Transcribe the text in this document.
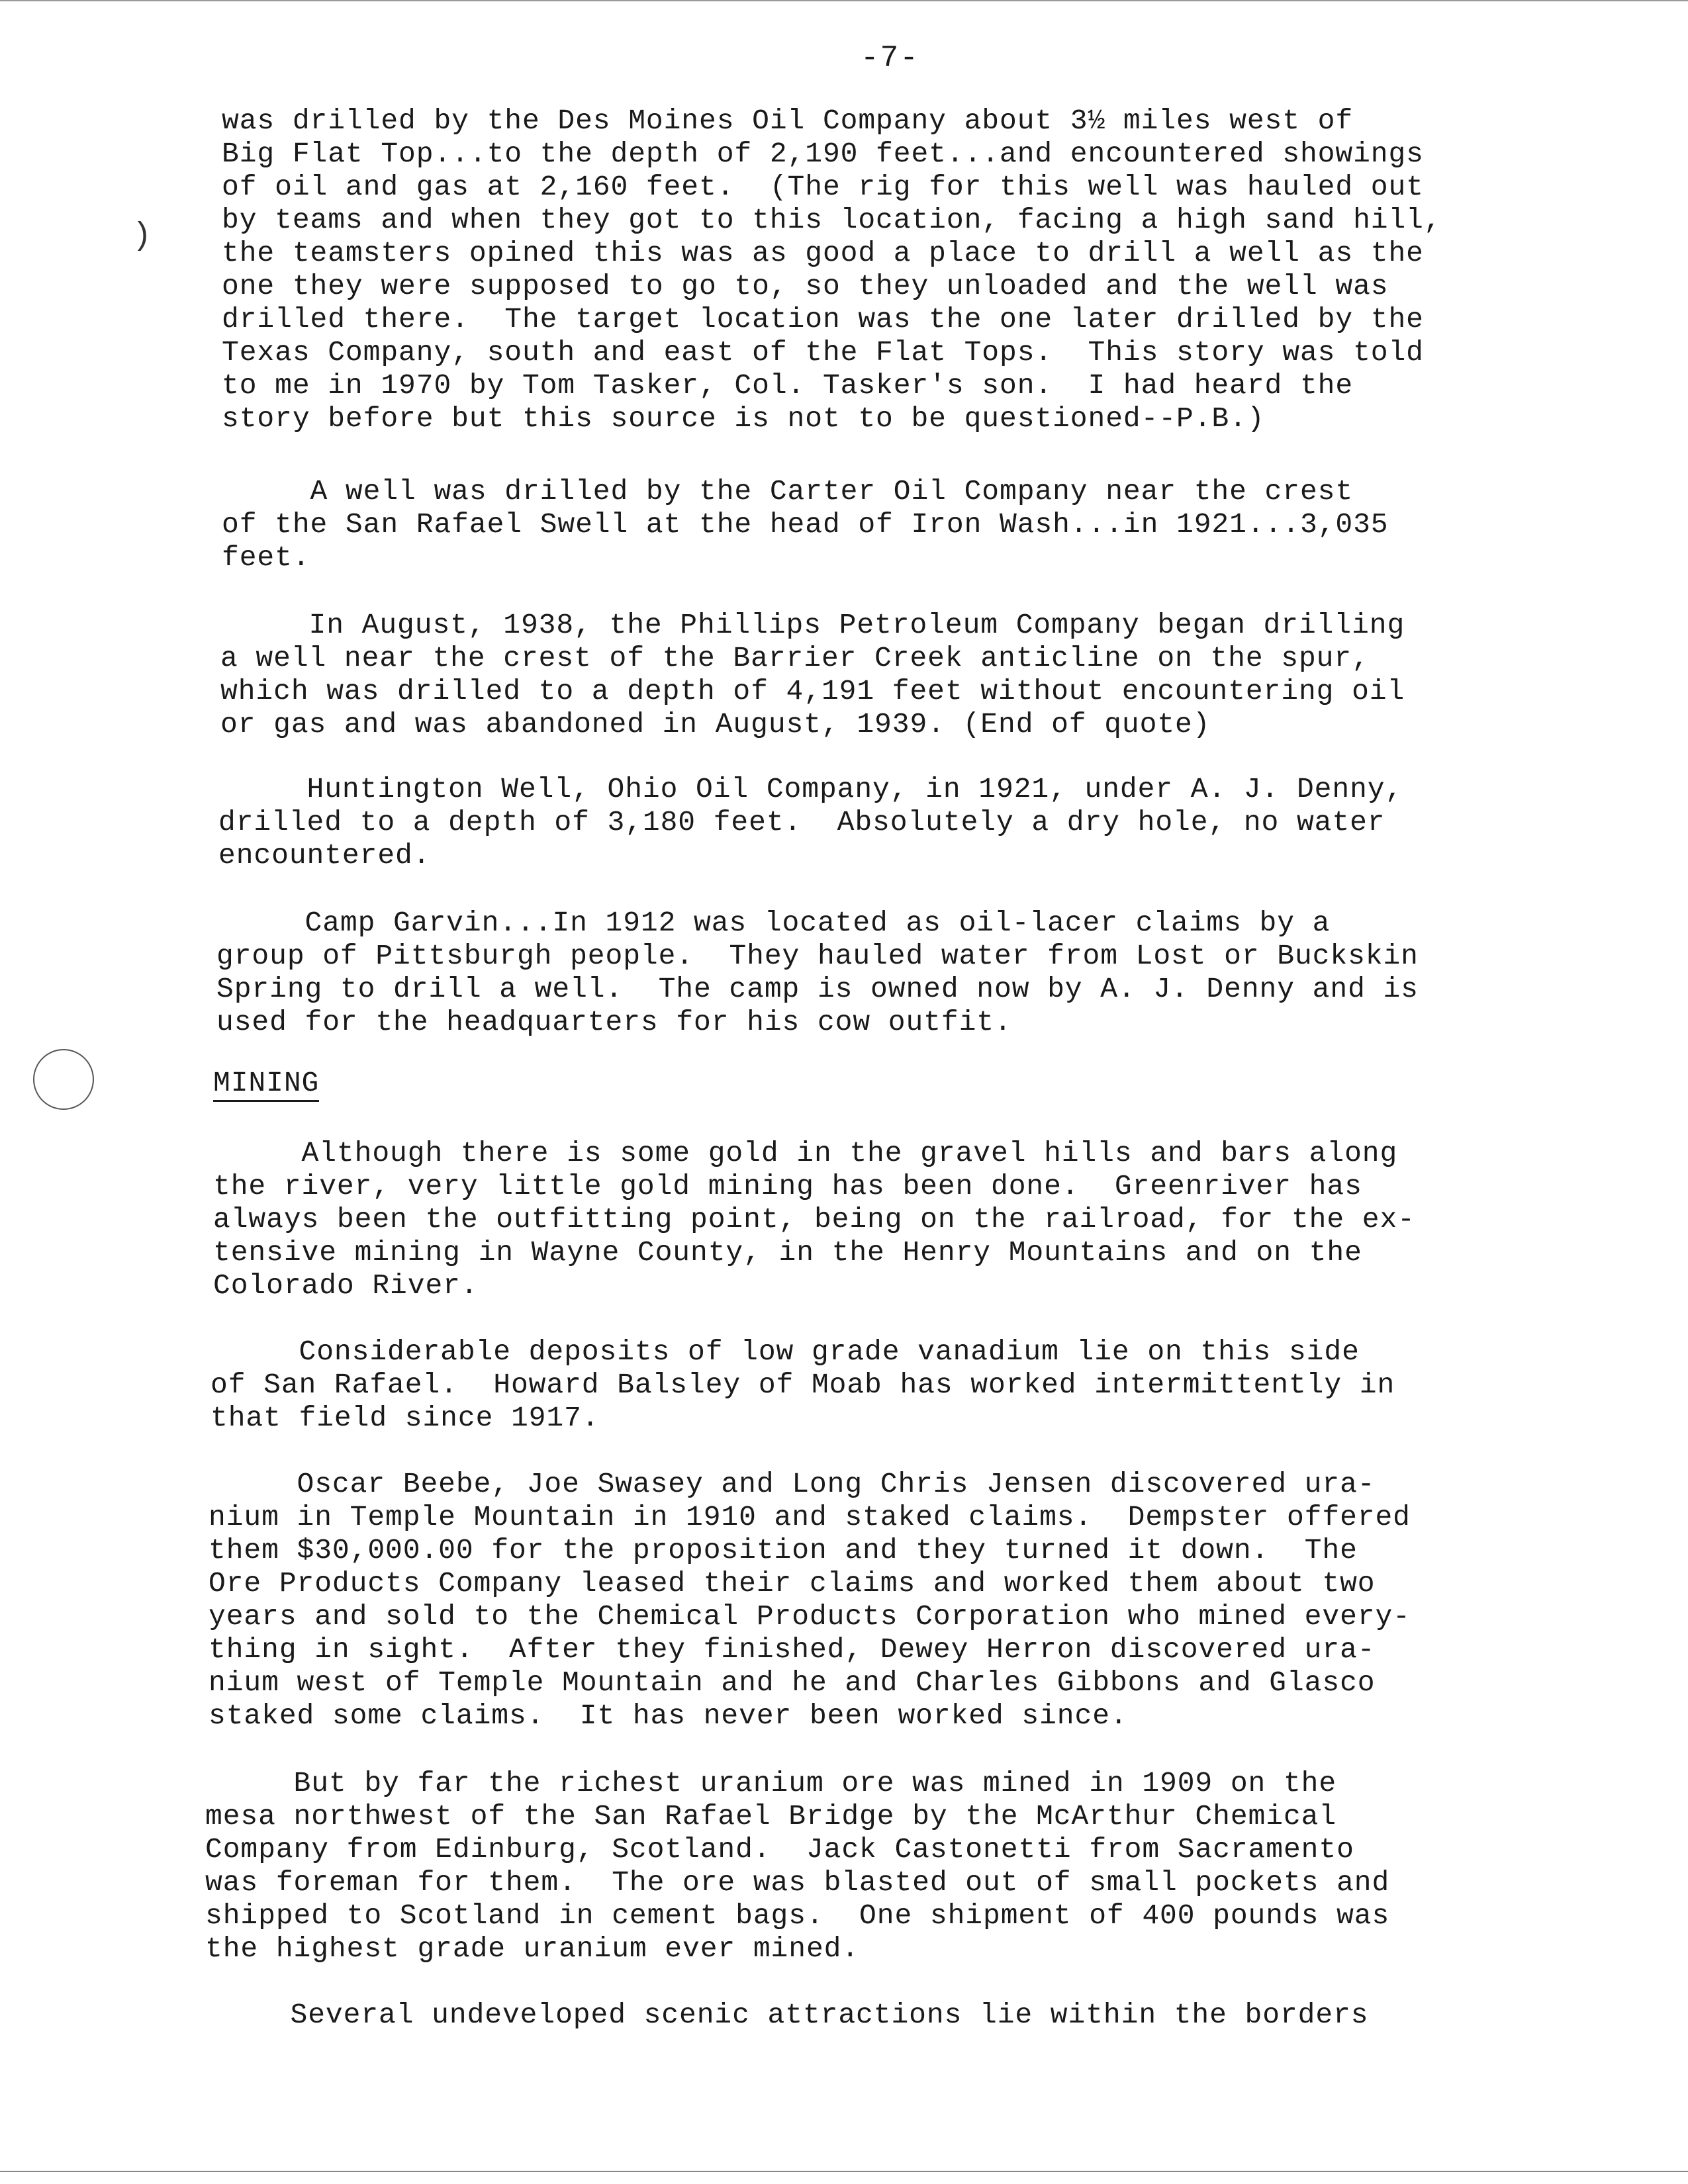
-7-
)
was drilled by the Des Moines Oil Company about 3½ miles west of
Big Flat Top...to the depth of 2,190 feet...and encountered showings
of oil and gas at 2,160 feet.  (The rig for this well was hauled out
by teams and when they got to this location, facing a high sand hill,
the teamsters opined this was as good a place to drill a well as the
one they were supposed to go to, so they unloaded and the well was
drilled there.  The target location was the one later drilled by the
Texas Company, south and east of the Flat Tops.  This story was told
to me in 1970 by Tom Tasker, Col. Tasker's son.  I had heard the
story before but this source is not to be questioned--P.B.)
A well was drilled by the Carter Oil Company near the crest
of the San Rafael Swell at the head of Iron Wash...in 1921...3,035
feet.
In August, 1938, the Phillips Petroleum Company began drilling
a well near the crest of the Barrier Creek anticline on the spur,
which was drilled to a depth of 4,191 feet without encountering oil
or gas and was abandoned in August, 1939. (End of quote)
Huntington Well, Ohio Oil Company, in 1921, under A. J. Denny,
drilled to a depth of 3,180 feet.  Absolutely a dry hole, no water
encountered.
Camp Garvin...In 1912 was located as oil-lacer claims by a
group of Pittsburgh people.  They hauled water from Lost or Buckskin
Spring to drill a well.  The camp is owned now by A. J. Denny and is
used for the headquarters for his cow outfit.
MINING
Although there is some gold in the gravel hills and bars along
the river, very little gold mining has been done.  Greenriver has
always been the outfitting point, being on the railroad, for the ex-
tensive mining in Wayne County, in the Henry Mountains and on the
Colorado River.
Considerable deposits of low grade vanadium lie on this side
of San Rafael.  Howard Balsley of Moab has worked intermittently in
that field since 1917.
Oscar Beebe, Joe Swasey and Long Chris Jensen discovered ura-
nium in Temple Mountain in 1910 and staked claims.  Dempster offered
them $30,000.00 for the proposition and they turned it down.  The
Ore Products Company leased their claims and worked them about two
years and sold to the Chemical Products Corporation who mined every-
thing in sight.  After they finished, Dewey Herron discovered ura-
nium west of Temple Mountain and he and Charles Gibbons and Glasco
staked some claims.  It has never been worked since.
But by far the richest uranium ore was mined in 1909 on the
mesa northwest of the San Rafael Bridge by the McArthur Chemical
Company from Edinburg, Scotland.  Jack Castonetti from Sacramento
was foreman for them.  The ore was blasted out of small pockets and
shipped to Scotland in cement bags.  One shipment of 400 pounds was
the highest grade uranium ever mined.
Several undeveloped scenic attractions lie within the borders
